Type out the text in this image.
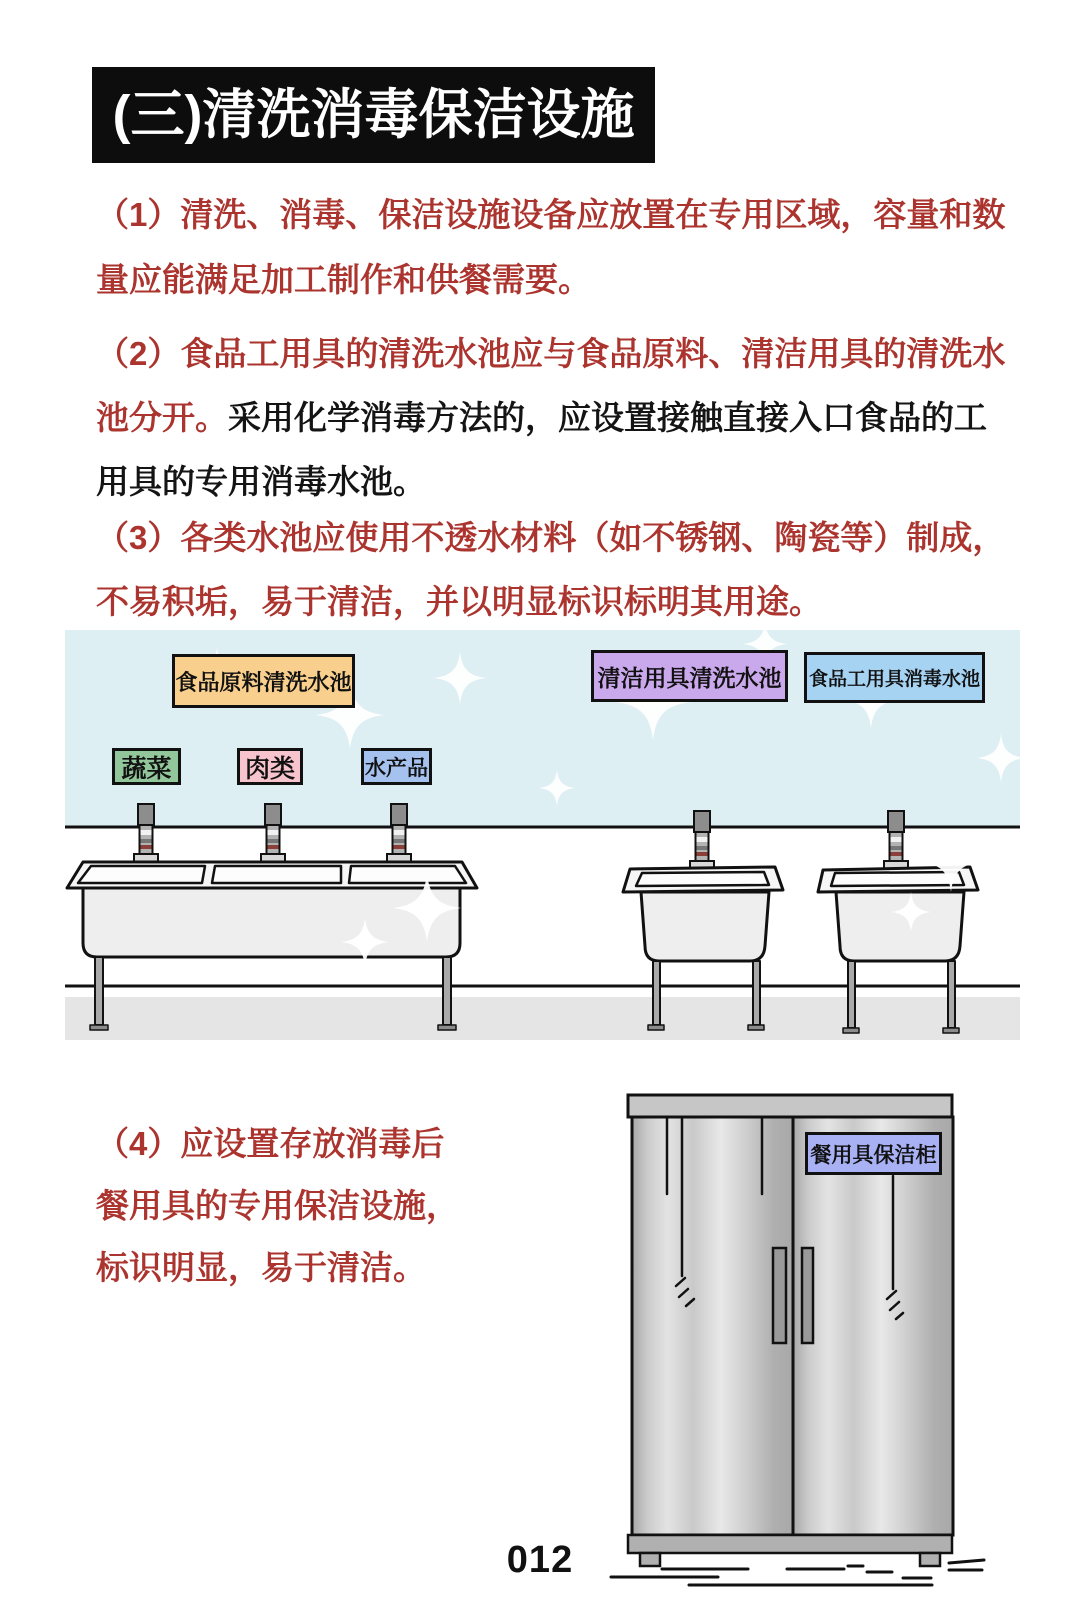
(三)清洗消毒保洁设施
（1）清洗、消毒、保洁设施设备应放置在专用区域，容量和数
量应能满足加工制作和供餐需要。
（2）食品工用具的清洗水池应与食品原料、清洁用具的清洗水
池分开。采用化学消毒方法的，应设置接触直接入口食品的工
用具的专用消毒水池。
（3）各类水池应使用不透水材料（如不锈钢、陶瓷等）制成，
不易积垢，易于清洁，并以明显标识标明其用途。
食品原料清洗水池
蔬菜	肉类	水产品
清洁用具清洗水池 食品工用具消毒水池
（4）应设置存放消毒后
餐用具的专用保洁设施，
标识明显，易于清洁。
餐用具保洁柜
012
